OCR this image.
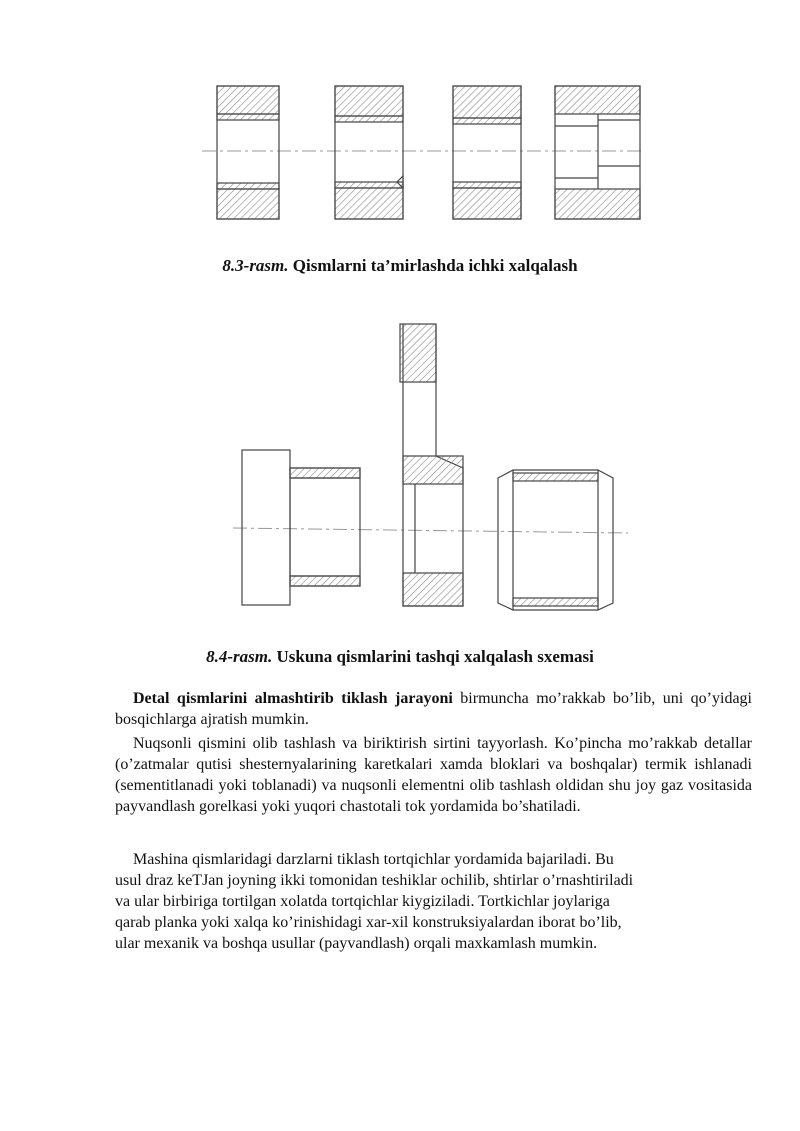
8.3-rasm. Qismlarni ta’mirlashda ichki xalqalash
8.4-rasm. Uskuna qismlarini tashqi xalqalash sxemasi
Detal qismlarini almashtirib tiklash jarayoni birmuncha mo’rakkab bo’lib, uni qo’yidagi bosqichlarga ajratish mumkin.
Nuqsonli qismini olib tashlash va biriktirish sirtini tayyorlash. Ko’pincha mo’rakkab detallar (o’zatmalar qutisi shesternyalarining karetkalari xamda bloklari va boshqalar) termik ishlanadi (sementitlanadi yoki toblanadi) va nuqsonli elementni olib tashlash oldidan shu joy gaz vositasida payvandlash gorelkasi yoki yuqori chastotali tok yordamida bo’shatiladi.
Mashina qismlaridagi darzlarni tiklash tortqichlar yordamida bajariladi. Bu
usul draz keTJan joyning ikki tomonidan teshiklar ochilib, shtirlar o’rnashtiriladi
va ular birbiriga tortilgan xolatda tortqichlar kiygiziladi. Tortkichlar joylariga
qarab planka yoki xalqa ko’rinishidagi xar-xil konstruksiyalardan iborat bo’lib,
ular mexanik va boshqa usullar (payvandlash) orqali maxkamlash mumkin.
